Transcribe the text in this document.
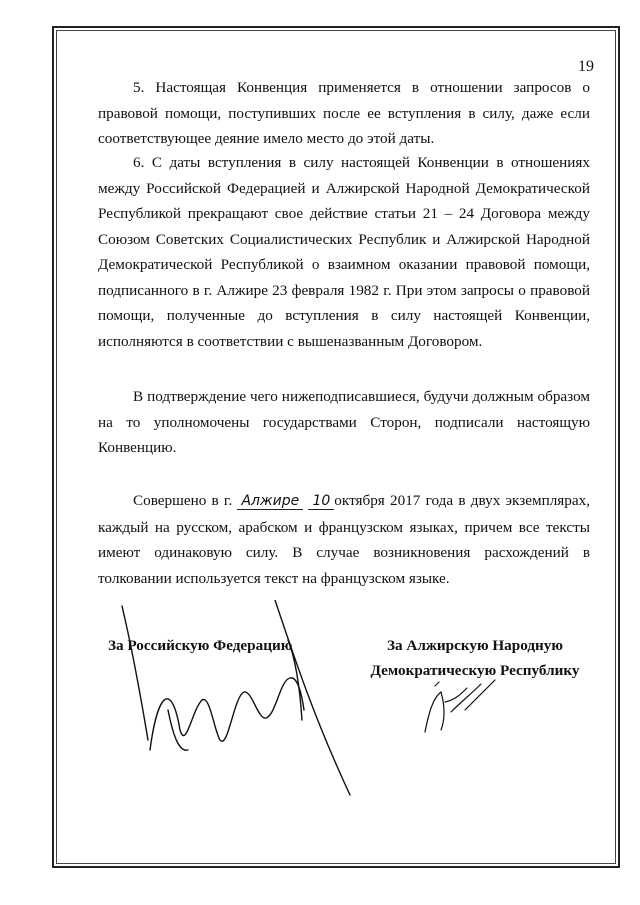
19

5. Настоящая Конвенция применяется в отношении запросов о правовой помощи, поступивших после ее вступления в силу, даже если соответствующее деяние имело место до этой даты.

6. С даты вступления в силу настоящей Конвенции в отношениях между Российской Федерацией и Алжирской Народной Демократической Республикой прекращают свое действие статьи 21 – 24 Договора между Союзом Советских Социалистических Республик и Алжирской Народной Демократической Республикой о взаимном оказании правовой помощи, подписанного в г. Алжире 23 февраля 1982 г. При этом запросы о правовой помощи, полученные до вступления в силу настоящей Конвенции, исполняются в соответствии с вышеназванным Договором.

В подтверждение чего нижеподписавшиеся, будучи должным образом на то уполномочены государствами Сторон, подписали настоящую Конвенцию.

Совершено в г. Алжире 10 октября 2017 года в двух экземплярах, каждый на русском, арабском и французском языках, причем все тексты имеют одинаковую силу. В случае возникновения расхождений в толковании используется текст на французском языке.

За Российскую Федерацию	За Алжирскую Народную
Демократическую Республику
